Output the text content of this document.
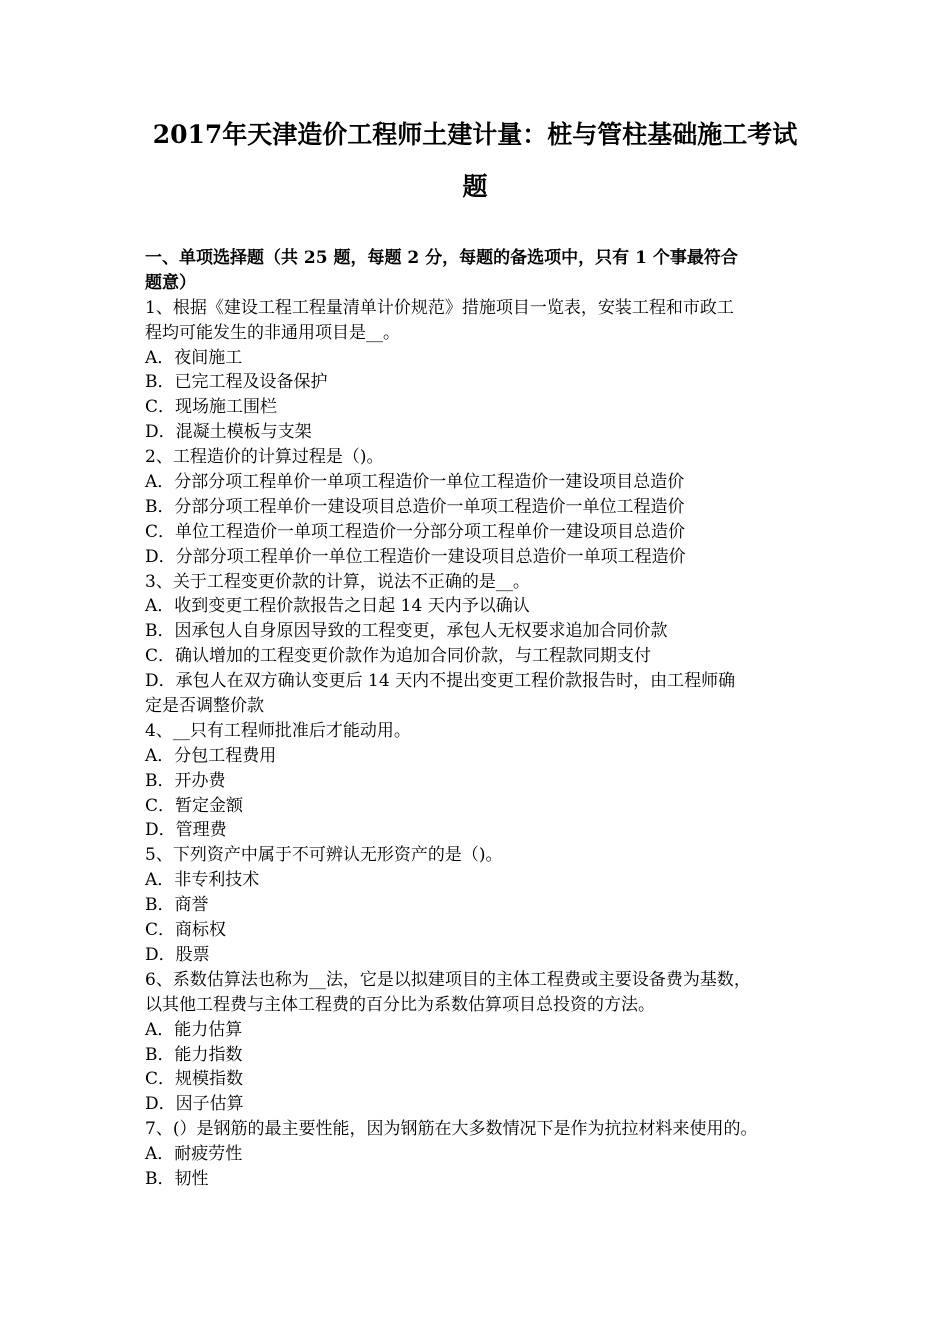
2017年天津造价工程师土建计量：桩与管柱基础施工考试
题
一、单项选择题（共 25 题，每题 2 分，每题的备选项中，只有 1 个事最符合
题意）
1、根据《建设工程工程量清单计价规范》措施项目一览表，安装工程和市政工
程均可能发生的非通用项目是__。
A．夜间施工
B．已完工程及设备保护
C．现场施工围栏
D．混凝土模板与支架
2、工程造价的计算过程是（)。
A．分部分项工程单价一单项工程造价一单位工程造价一建设项目总造价
B．分部分项工程单价一建设项目总造价一单项工程造价一单位工程造价
C．单位工程造价一单项工程造价一分部分项工程单价一建设项目总造价
D．分部分项工程单价一单位工程造价一建设项目总造价一单项工程造价
3、关于工程变更价款的计算，说法不正确的是__。
A．收到变更工程价款报告之日起 14 天内予以确认
B．因承包人自身原因导致的工程变更，承包人无权要求追加合同价款
C．确认增加的工程变更价款作为追加合同价款，与工程款同期支付
D．承包人在双方确认变更后 14 天内不提出变更工程价款报告时，由工程师确
定是否调整价款
4、__只有工程师批准后才能动用。
A．分包工程费用
B．开办费
C．暂定金额
D．管理费
5、下列资产中属于不可辨认无形资产的是（)。
A．非专利技术
B．商誉
C．商标权
D．股票
6、系数估算法也称为__法，它是以拟建项目的主体工程费或主要设备费为基数，
以其他工程费与主体工程费的百分比为系数估算项目总投资的方法。
A．能力估算
B．能力指数
C．规模指数
D．因子估算
7、(）是钢筋的最主要性能，因为钢筋在大多数情况下是作为抗拉材料来使用的。
A．耐疲劳性
B．韧性
